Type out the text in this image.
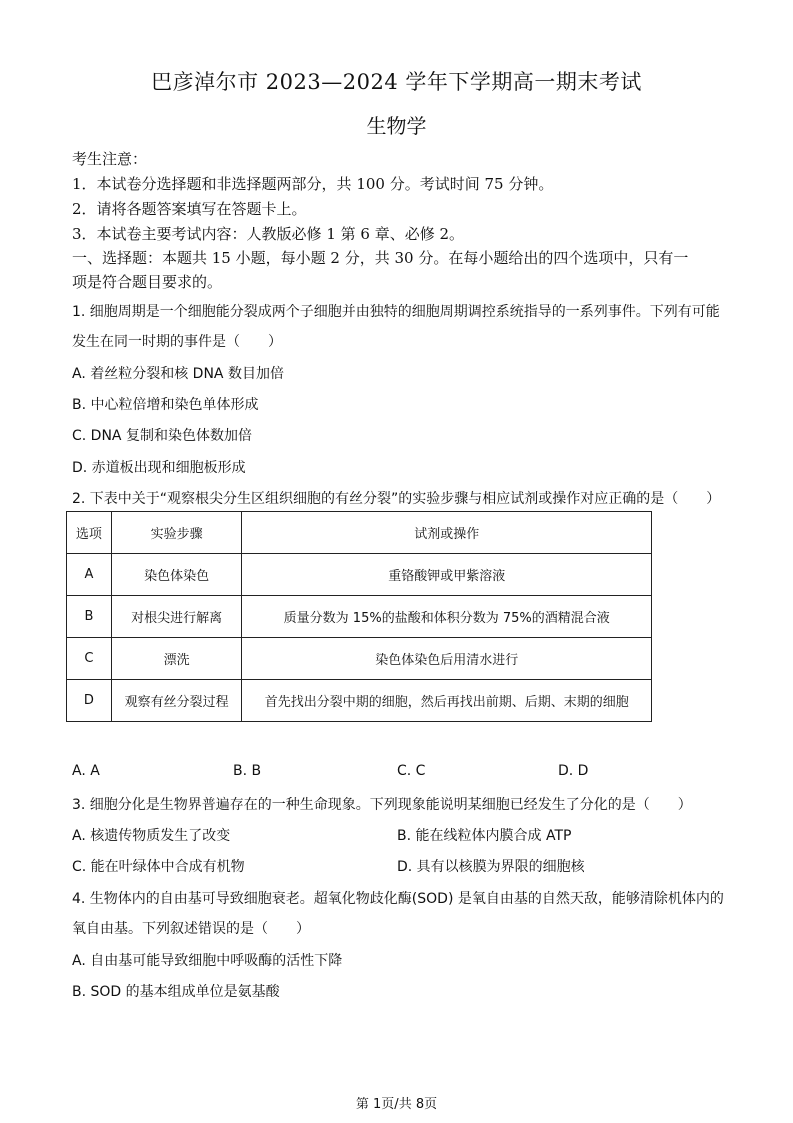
巴彦淖尔市 2023—2024 学年下学期高一期末考试
生物学
考生注意：
1．本试卷分选择题和非选择题两部分，共 100 分。考试时间 75 分钟。
2．请将各题答案填写在答题卡上。
3．本试卷主要考试内容：人教版必修 1 第 6 章、必修 2。
一、选择题：本题共 15 小题，每小题 2 分，共 30 分。在每小题给出的四个选项中，只有一
项是符合题目要求的。
1. 细胞周期是一个细胞能分裂成两个子细胞并由独特的细胞周期调控系统指导的一系列事件。下列有可能
发生在同一时期的事件是（　　）
A. 着丝粒分裂和核 DNA 数目加倍
B. 中心粒倍增和染色单体形成
C. DNA 复制和染色体数加倍
D. 赤道板出现和细胞板形成
2. 下表中关于“观察根尖分生区组织细胞的有丝分裂”的实验步骤与相应试剂或操作对应正确的是（　　）
选项	实验步骤	试剂或操作
A	染色体染色	重铬酸钾或甲紫溶液
B	对根尖进行解离	质量分数为 15%的盐酸和体积分数为 75%的酒精混合液
C	漂洗	染色体染色后用清水进行
D	观察有丝分裂过程	首先找出分裂中期的细胞，然后再找出前期、后期、末期的细胞
A. A	B. B	C. C	D. D
3. 细胞分化是生物界普遍存在的一种生命现象。下列现象能说明某细胞已经发生了分化的是（　　）
A. 核遗传物质发生了改变	B. 能在线粒体内膜合成 ATP
C. 能在叶绿体中合成有机物	D. 具有以核膜为界限的细胞核
4. 生物体内的自由基可导致细胞衰老。超氧化物歧化酶(SOD) 是氧自由基的自然天敌，能够清除机体内的
氧自由基。下列叙述错误的是（　　）
A. 自由基可能导致细胞中呼吸酶的活性下降
B. SOD 的基本组成单位是氨基酸
第 1页/共 8页
